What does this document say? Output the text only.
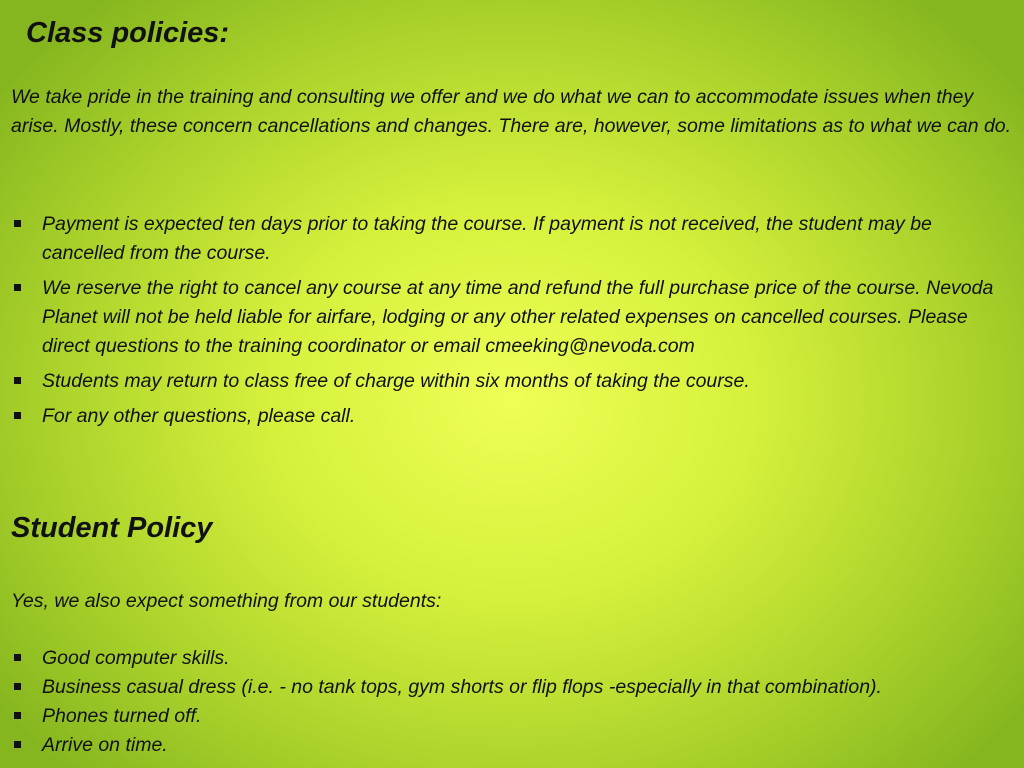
Class policies:

We take pride in the training and consulting we offer and we do what we can to accommodate issues when they arise. Mostly, these concern cancellations and changes. There are, however, some limitations as to what we can do.

Payment is expected ten days prior to taking the course. If payment is not received, the student may be cancelled from the course.
We reserve the right to cancel any course at any time and refund the full purchase price of the course. Nevoda Planet will not be held liable for airfare, lodging or any other related expenses on cancelled courses. Please direct questions to the training coordinator or email cmeeking@nevoda.com
Students may return to class free of charge within six months of taking the course.
For any other questions, please call.
Student Policy

Yes, we also expect something from our students:

Good computer skills.
Business casual dress (i.e. - no tank tops, gym shorts or flip flops -especially in that combination).
Phones turned off.
Arrive on time.
